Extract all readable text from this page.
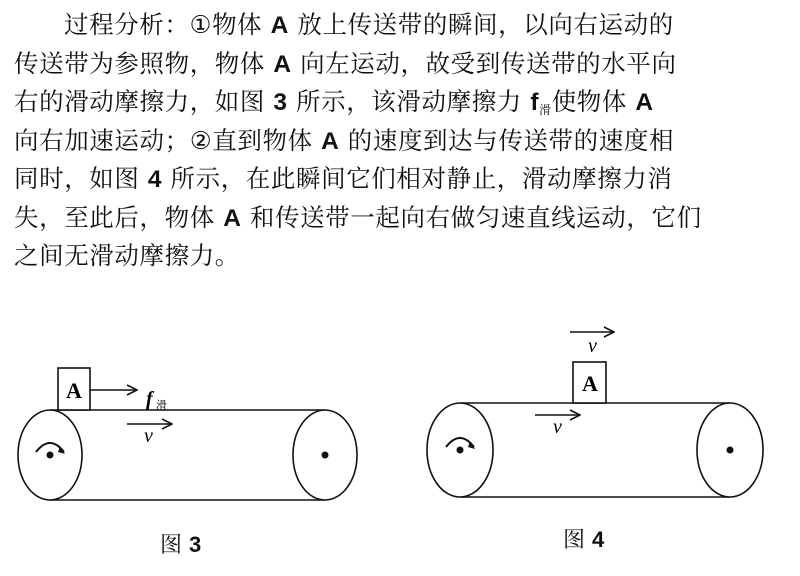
过程分析：①物体 A 放上传送带的瞬间，以向右运动的
传送带为参照物，物体 A 向左运动，故受到传送带的水平向
右的滑动摩擦力，如图 3 所示，该滑动摩擦力 $f_滑$使物体 A
向右加速运动；②直到物体 A 的速度到达与传送带的速度相
同时，如图 4 所示，在此瞬间它们相对静止，滑动摩擦力消
失，至此后，物体 A 和传送带一起向右做匀速直线运动，它们
之间无滑动摩擦力。
A	f 滑
v
A
v
v
图 3	图 4
